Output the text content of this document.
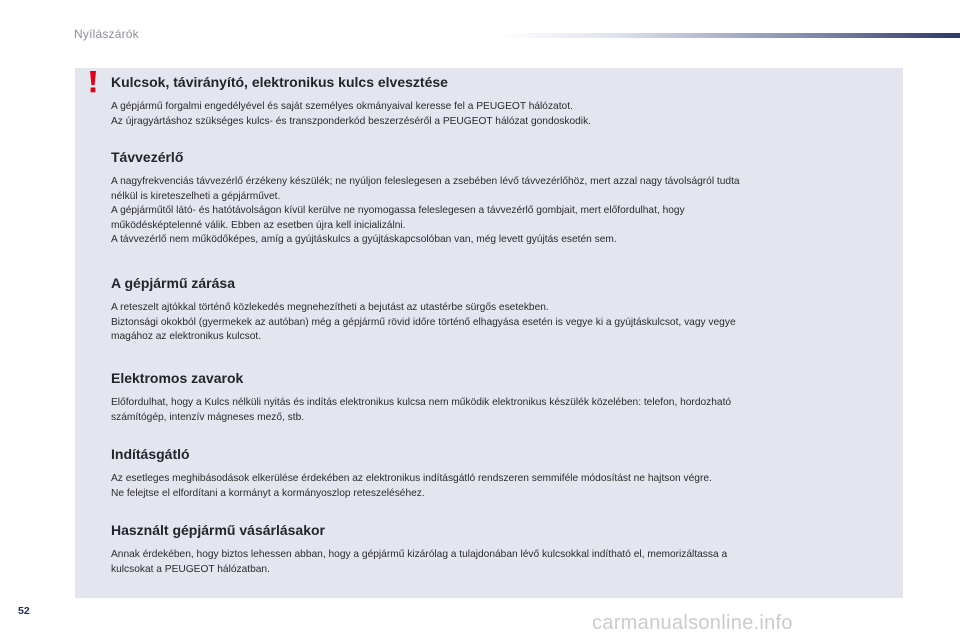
Nyílászárók
Kulcsok, távirányító, elektronikus kulcs elvesztése

A gépjármű forgalmi engedélyével és saját személyes okmányaival keresse fel a PEUGEOT hálózatot.

Az újragyártáshoz szükséges kulcs- és transzponderkód beszerzéséről a PEUGEOT hálózat gondoskodik.

Távvezérlő

A nagyfrekvenciás távvezérlő érzékeny készülék; ne nyúljon feleslegesen a zsebében lévő távvezérlőhöz, mert azzal nagy távolságról tudta

nélkül is kireteszelheti a gépjárművet.

A gépjárműtől látó- és hatótávolságon kívül kerülve ne nyomogassa feleslegesen a távvezérlő gombjait, mert előfordulhat, hogy

működésképtelenné válik. Ebben az esetben újra kell inicializálni.

A távvezérlő nem működőképes, amíg a gyújtáskulcs a gyújtáskapcsolóban van, még levett gyújtás esetén sem.

A gépjármű zárása

A reteszelt ajtókkal történő közlekedés megnehezítheti a bejutást az utastérbe sürgős esetekben.

Biztonsági okokból (gyermekek az autóban) még a gépjármű rövid időre történő elhagyása esetén is vegye ki a gyújtáskulcsot, vagy vegye

magához az elektronikus kulcsot.

Elektromos zavarok

Előfordulhat, hogy a Kulcs nélküli nyitás és indítás elektronikus kulcsa nem működik elektronikus készülék közelében: telefon, hordozható

számítógép, intenzív mágneses mező, stb.

Indításgátló

Az esetleges meghibásodások elkerülése érdekében az elektronikus indításgátló rendszeren semmiféle módosítást ne hajtson végre.

Ne felejtse el elfordítani a kormányt a kormányoszlop reteszeléséhez.

Használt gépjármű vásárlásakor

Annak érdekében, hogy biztos lehessen abban, hogy a gépjármű kizárólag a tulajdonában lévő kulcsokkal indítható el, memorizáltassa a

kulcsokat a PEUGEOT hálózatban.

52
carmanualsonline.info
